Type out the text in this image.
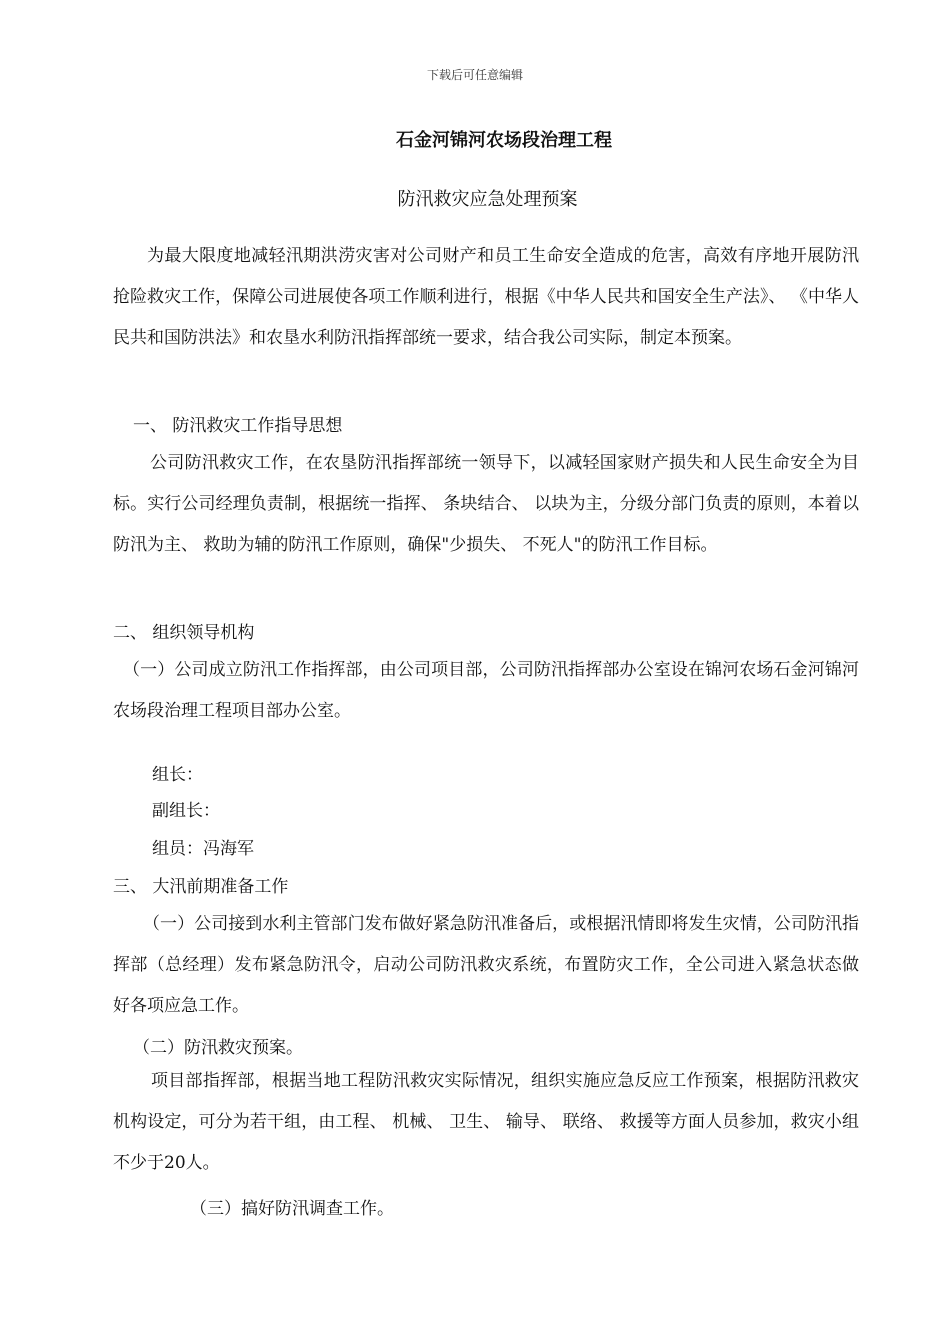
下载后可任意编辑
石金河锦河农场段治理工程
防汛救灾应急处理预案
为最大限度地减轻汛期洪涝灾害对公司财产和员工生命安全造成的危害，高效有序地开展防汛抢险救灾工作，保障公司进展使各项工作顺利进行，根据《中华人民共和国安全生产法》、 《中华人民共和国防洪法》和农垦水利防汛指挥部统一要求，结合我公司实际，制定本预案。
一、 防汛救灾工作指导思想
公司防汛救灾工作，在农垦防汛指挥部统一领导下，以减轻国家财产损失和人民生命安全为目标。实行公司经理负责制，根据统一指挥、 条块结合、 以块为主，分级分部门负责的原则，本着以防汛为主、 救助为辅的防汛工作原则，确保"少损失、 不死人"的防汛工作目标。
二、 组织领导机构
（一）公司成立防汛工作指挥部，由公司项目部，公司防汛指挥部办公室设在锦河农场石金河锦河农场段治理工程项目部办公室。
组长：
副组长：
组员：冯海军
三、 大汛前期准备工作
（一）公司接到水利主管部门发布做好紧急防汛准备后，或根据汛情即将发生灾情，公司防汛指挥部（总经理）发布紧急防汛令，启动公司防汛救灾系统，布置防灾工作，全公司进入紧急状态做好各项应急工作。
（二）防汛救灾预案。
项目部指挥部，根据当地工程防汛救灾实际情况，组织实施应急反应工作预案，根据防汛救灾机构设定，可分为若干组，由工程、 机械、 卫生、 输导、 联络、 救援等方面人员参加，救灾小组不少于20人。
（三）搞好防汛调查工作。
